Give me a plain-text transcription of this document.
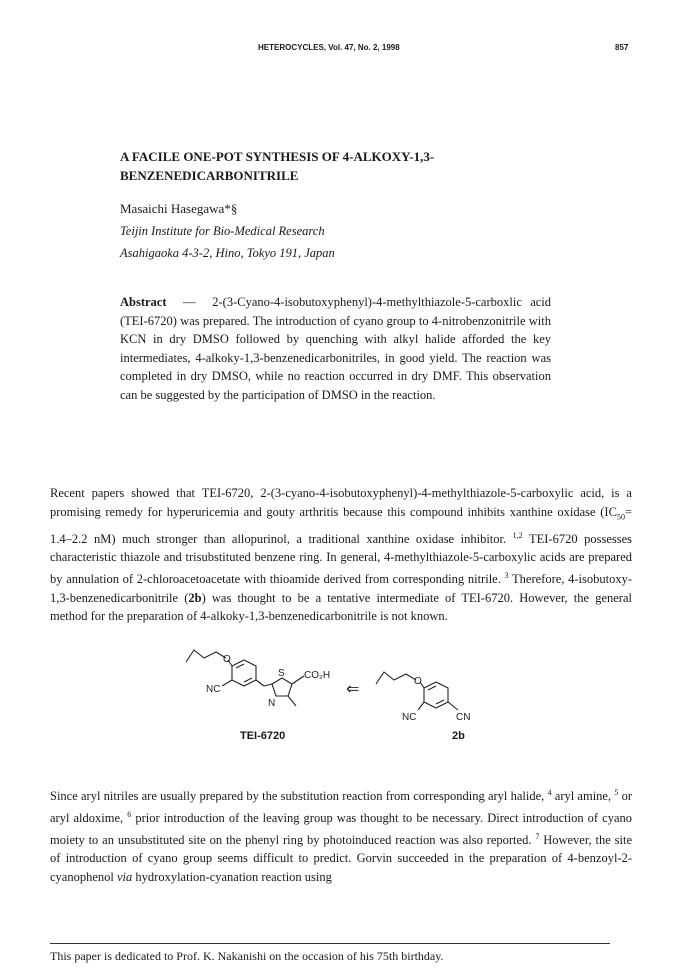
HETEROCYCLES, Vol. 47, No. 2, 1998	857
A FACILE ONE-POT SYNTHESIS OF 4-ALKOXY-1,3-
BENZENEDICARBONITRILE
Masaichi Hasegawa*§
Teijin Institute for Bio-Medical Research
Asahigaoka 4-3-2, Hino, Tokyo 191, Japan
Abstract — 2-(3-Cyano-4-isobutoxyphenyl)-4-methylthiazole-5-carboxlic acid (TEI-6720) was prepared. The introduction of cyano group to 4-nitrobenzonitrile with KCN in dry DMSO followed by quenching with alkyl halide afforded the key intermediates, 4-alkoky-1,3-benzenedicarbonitriles, in good yield. The reaction was completed in dry DMSO, while no reaction occurred in dry DMF. This observation can be suggested by the participation of DMSO in the reaction.
Recent papers showed that TEI-6720, 2-(3-cyano-4-isobutoxyphenyl)-4-methylthiazole-5-carboxylic acid, is a promising remedy for hyperuricemia and gouty arthritis because this compound inhibits xanthine oxidase ($IC_{50}= 1.4-2.2$ nM) much stronger than allopurinol, a traditional xanthine oxidase inhibitor. $^{1,2}$ TEI-6720 possesses characteristic thiazole and trisubstituted benzene ring. In general, 4-methylthiazole-5-carboxylic acids are prepared by annulation of 2-chloroacetoacetate with thioamide derived from corresponding nitrile. $^3$ Therefore, 4-isobutoxy-1,3-benzenedicarbonitrile (2b) was thought to be a tentative intermediate of TEI-6720. However, the general method for the preparation of 4-alkoky-1,3-benzenedicarbonitrile is not known.
O
NC
S
N
CO₂H
⇐	O
NC	CN
TEI-6720	2b
Since aryl nitriles are usually prepared by the substitution reaction from corresponding aryl halide, $^4$ aryl amine, $^5$ or aryl aldoxime, $^6$ prior introduction of the leaving group was thought to be necessary. Direct introduction of cyano moiety to an unsubstituted site on the phenyl ring by photoinduced reaction was also reported. $^7$ However, the site of introduction of cyano group seems difficult to predict. Gorvin succeeded in the preparation of 4-benzoyl-2-cyanophenol via hydroxylation-cyanation reaction using
This paper is dedicated to Prof. K. Nakanishi on the occasion of his 75th birthday.
